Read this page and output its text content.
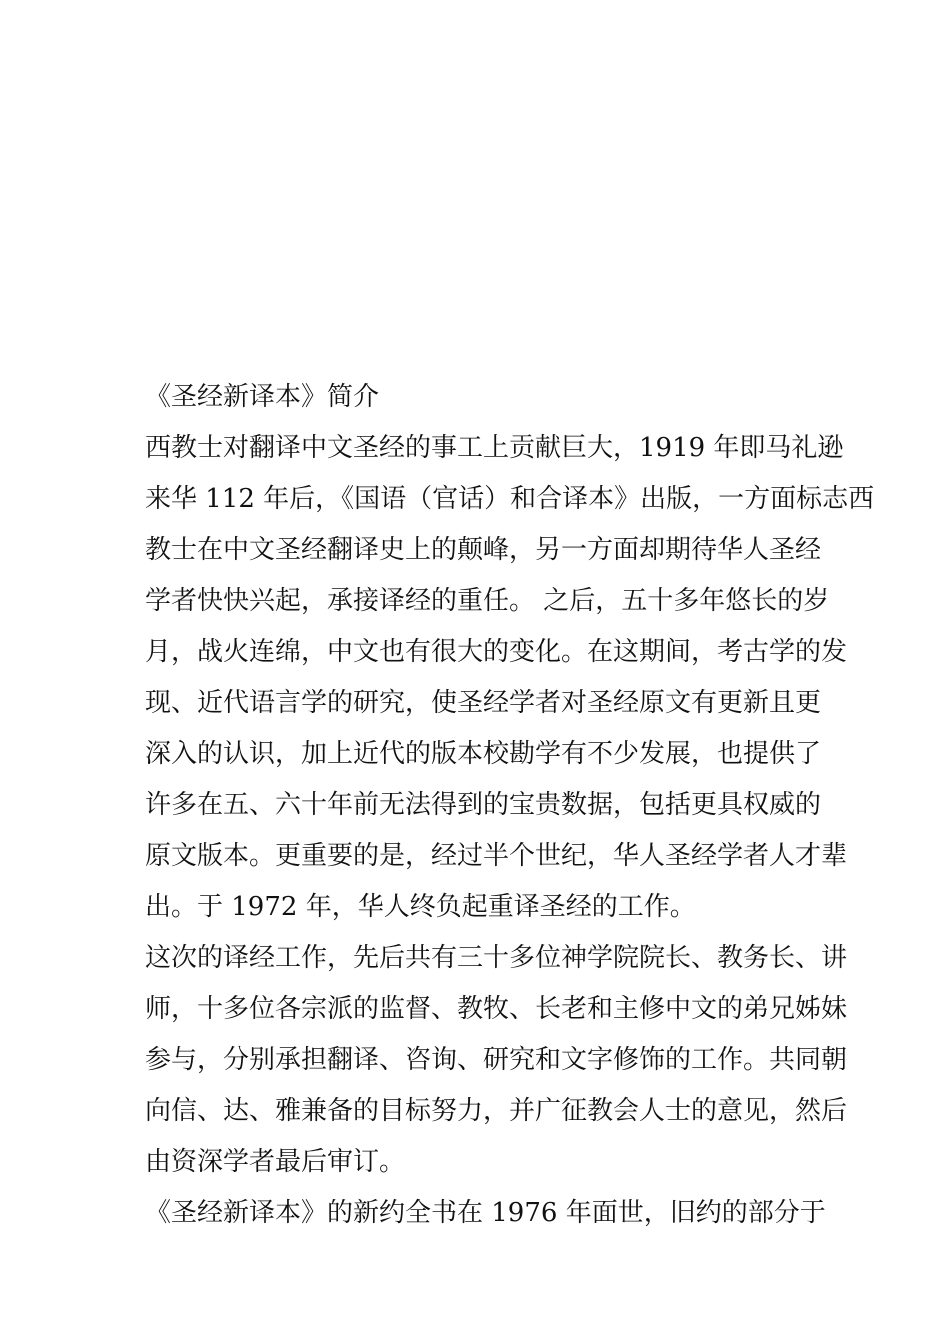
《圣经新译本》简介
西教士对翻译中文圣经的事工上贡献巨大，1919 年即马礼逊
来华 112 年后，《国语（官话）和合译本》出版，一方面标志西
教士在中文圣经翻译史上的颠峰，另一方面却期待华人圣经
学者快快兴起，承接译经的重任。 之后，五十多年悠长的岁
月，战火连绵，中文也有很大的变化。在这期间，考古学的发
现、近代语言学的研究，使圣经学者对圣经原文有更新且更
深入的认识，加上近代的版本校勘学有不少发展，也提供了
许多在五、六十年前无法得到的宝贵数据，包括更具权威的
原文版本。更重要的是，经过半个世纪，华人圣经学者人才辈
出。于 1972 年，华人终负起重译圣经的工作。
这次的译经工作，先后共有三十多位神学院院长、教务长、讲
师，十多位各宗派的监督、教牧、长老和主修中文的弟兄姊妹
参与，分别承担翻译、咨询、研究和文字修饰的工作。共同朝
向信、达、雅兼备的目标努力，并广征教会人士的意见，然后
由资深学者最后审订。
《圣经新译本》的新约全书在 1976 年面世，旧约的部分于
